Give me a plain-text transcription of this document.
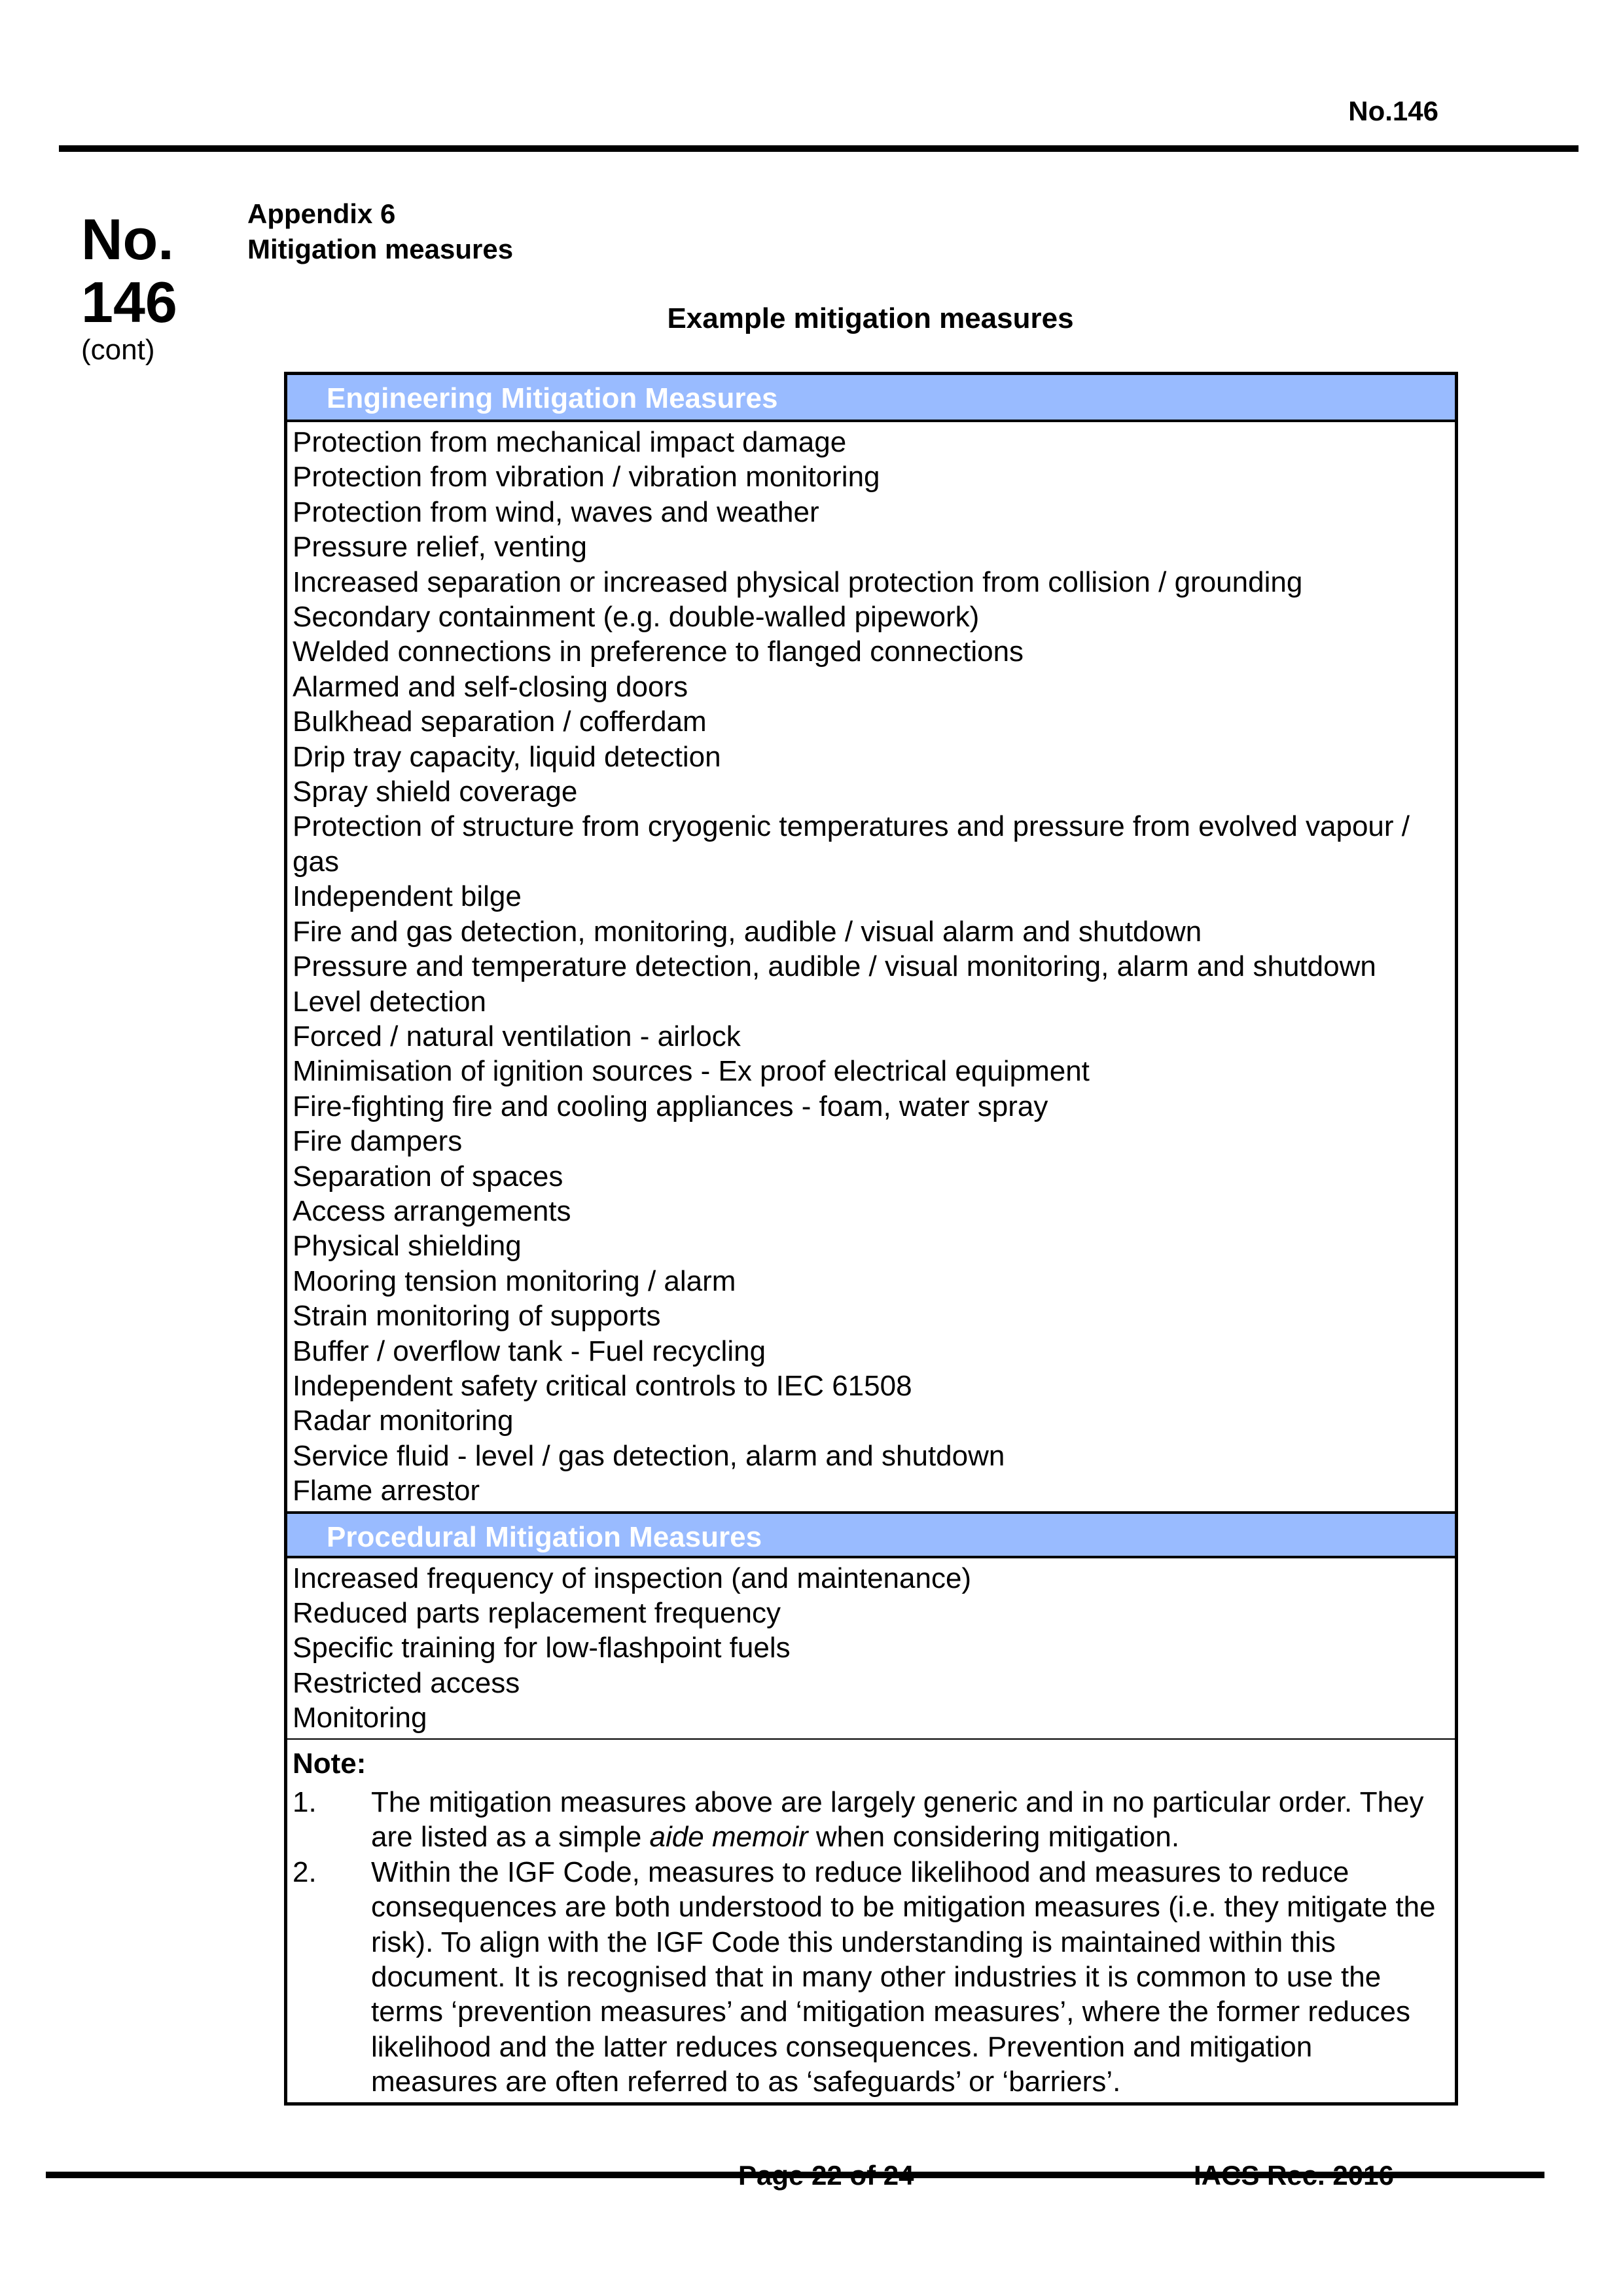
No.146
No.
146
(cont)
Appendix 6
Mitigation measures
Example mitigation measures
Engineering Mitigation Measures
Protection from mechanical impact damage
Protection from vibration / vibration monitoring
Protection from wind, waves and weather
Pressure relief, venting
Increased separation or increased physical protection from collision / grounding
Secondary containment (e.g. double-walled pipework)
Welded connections in preference to flanged connections
Alarmed and self-closing doors
Bulkhead separation / cofferdam
Drip tray capacity, liquid detection
Spray shield coverage
Protection of structure from cryogenic temperatures and pressure from evolved vapour / gas
Independent bilge
Fire and gas detection, monitoring, audible / visual alarm and shutdown
Pressure and temperature detection, audible / visual monitoring, alarm and shutdown
Level detection
Forced / natural ventilation - airlock
Minimisation of ignition sources - Ex proof electrical equipment
Fire-fighting fire and cooling appliances - foam, water spray
Fire dampers
Separation of spaces
Access arrangements
Physical shielding
Mooring tension monitoring / alarm
Strain monitoring of supports
Buffer / overflow tank - Fuel recycling
Independent safety critical controls to IEC 61508
Radar monitoring
Service fluid - level / gas detection, alarm and shutdown
Flame arrestor
Procedural Mitigation Measures
Increased frequency of inspection (and maintenance)
Reduced parts replacement frequency
Specific training for low-flashpoint fuels
Restricted access
Monitoring
Note:
1.	The mitigation measures above are largely generic and in no particular order. They are listed as a simple aide memoir when considering mitigation.
2.	Within the IGF Code, measures to reduce likelihood and measures to reduce consequences are both understood to be mitigation measures (i.e. they mitigate the risk). To align with the IGF Code this understanding is maintained within this document. It is recognised that in many other industries it is common to use the terms ‘prevention measures’ and ‘mitigation measures’, where the former reduces likelihood and the latter reduces consequences. Prevention and mitigation measures are often referred to as ‘safeguards’ or ‘barriers’.
Page 22 of 24	IACS Rec. 2016
